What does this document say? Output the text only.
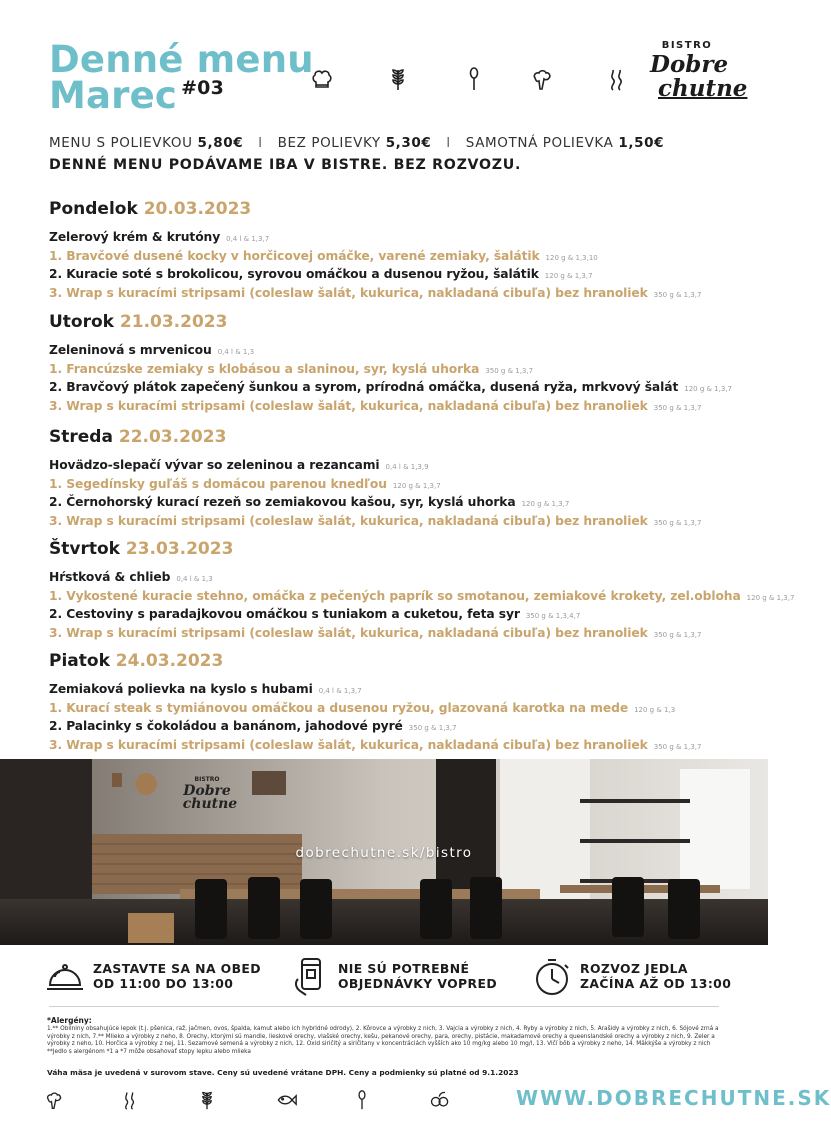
Denné menu
Marec $^{\#03}$
BISTRO
Dobre
chutne
MENU S POLIEVKOU 5,80€ I BEZ POLIEVKY 5,30€ I SAMOTNÁ POLIEVKA 1,50€
DENNÉ MENU PODÁVAME IBA V BISTRE. BEZ ROZVOZU.
Pondelok 20.03.2023
Zelerový krém & krutóny 0,4 l & 1,3,7
1. Bravčové dusené kocky v horčicovej omáčke, varené zemiaky, šalátik 120 g & 1,3,10
2. Kuracie soté s brokolicou, syrovou omáčkou a dusenou ryžou, šalátik 120 g & 1,3,7
3. Wrap s kuracími stripsami (coleslaw šalát, kukurica, nakladaná cibuľa) bez hranoliek 350 g & 1,3,7
Utorok 21.03.2023
Zeleninová s mrvenicou 0,4 l & 1,3
1. Francúzske zemiaky s klobásou a slaninou, syr, kyslá uhorka 350 g & 1,3,7
2. Bravčový plátok zapečený šunkou a syrom, prírodná omáčka, dusená ryža, mrkvový šalát 120 g & 1,3,7
3. Wrap s kuracími stripsami (coleslaw šalát, kukurica, nakladaná cibuľa) bez hranoliek 350 g & 1,3,7
Streda 22.03.2023
Hovädzo-slepačí vývar so zeleninou a rezancami 0,4 l & 1,3,9
1. Segedínsky guľáš s domácou parenou knedľou 120 g & 1,3,7
2. Černohorský kurací rezeň so zemiakovou kašou, syr, kyslá uhorka 120 g & 1,3,7
3. Wrap s kuracími stripsami (coleslaw šalát, kukurica, nakladaná cibuľa) bez hranoliek 350 g & 1,3,7
Štvrtok 23.03.2023
Hŕstková & chlieb 0,4 l & 1,3
1. Vykostené kuracie stehno, omáčka z pečených paprík so smotanou, zemiakové krokety, zel.obloha 120 g & 1,3,7
2. Cestoviny s paradajkovou omáčkou s tuniakom a cuketou, feta syr 350 g & 1,3,4,7
3. Wrap s kuracími stripsami (coleslaw šalát, kukurica, nakladaná cibuľa) bez hranoliek 350 g & 1,3,7
Piatok 24.03.2023
Zemiaková polievka na kyslo s hubami 0,4 l & 1,3,7
1. Kurací steak s tymiánovou omáčkou a dusenou ryžou, glazovaná karotka na mede 120 g & 1,3
2. Palacinky s čokoládou a banánom, jahodové pyré 350 g & 1,3,7
3. Wrap s kuracími stripsami (coleslaw šalát, kukurica, nakladaná cibuľa) bez hranoliek 350 g & 1,3,7
BISTRO
Dobre
chutne
dobrechutne.sk/bistro
ZASTAVTE SA NA OBED
OD 11:00 DO 13:00
NIE SÚ POTREBNÉ
OBJEDNÁVKY VOPRED
ROZVOZ JEDLA
ZAČÍNA AŽ OD 13:00
*Alergény:
1.** Obilniny obsahujúce lepok (t.j. pšenica, raž, jačmen, ovos, špalda, kamut alebo ich hybridné odrody), 2. Kôrovce a výrobky z nich, 3. Vajcia a výrobky z nich, 4. Ryby a výrobky z nich, 5. Arašidy a výrobky z nich, 6. Sójové zrná a výrobky z nich, 7.** Mlieko a výrobky z neho, 8. Orechy, ktorými sú mandle, lieskové orechy, vlašské orechy, kešu, pekanové orechy, para, orechy, pistácie, makadamové orechy a queenslandské orechy a výrobky z nich, 9. Zeler a výrobky z neho, 10. Horčica a výrobky z nej, 11. Sezamové semená a výrobky z nich, 12. Oxid siričitý a siričitany v koncentráciách vyšších ako 10 mg/kg alebo 10 mg/l, 13. Vlčí bôb a výrobky z neho, 14. Mäkkýše a výrobky z nich
**Jedlo s alergénom *1 a *7 môže obsahovať stopy lepku alebo mlieka
Váha mäsa je uvedená v surovom stave. Ceny sú uvedené vrátane DPH. Ceny a podmienky sú platné od 9.1.2023
WWW.DOBRECHUTNE.SK
